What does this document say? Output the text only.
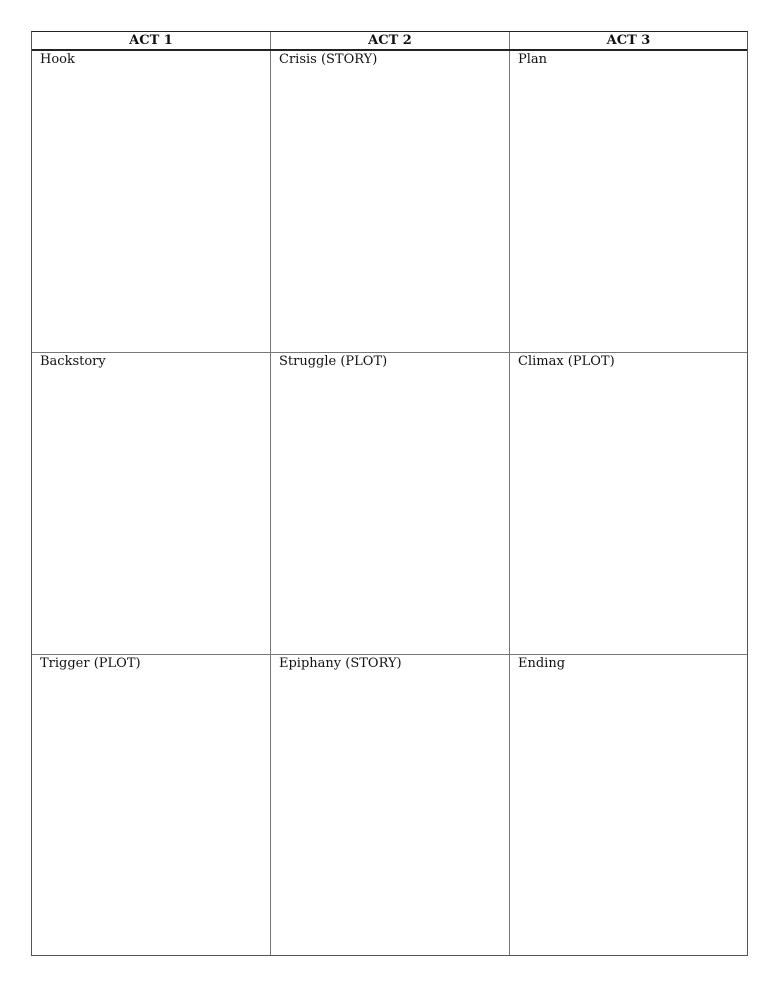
ACT 1	ACT 2	ACT 3
Hook	Crisis (STORY)	Plan
Backstory	Struggle (PLOT)	Climax (PLOT)
Trigger (PLOT)	Epiphany (STORY)	Ending
